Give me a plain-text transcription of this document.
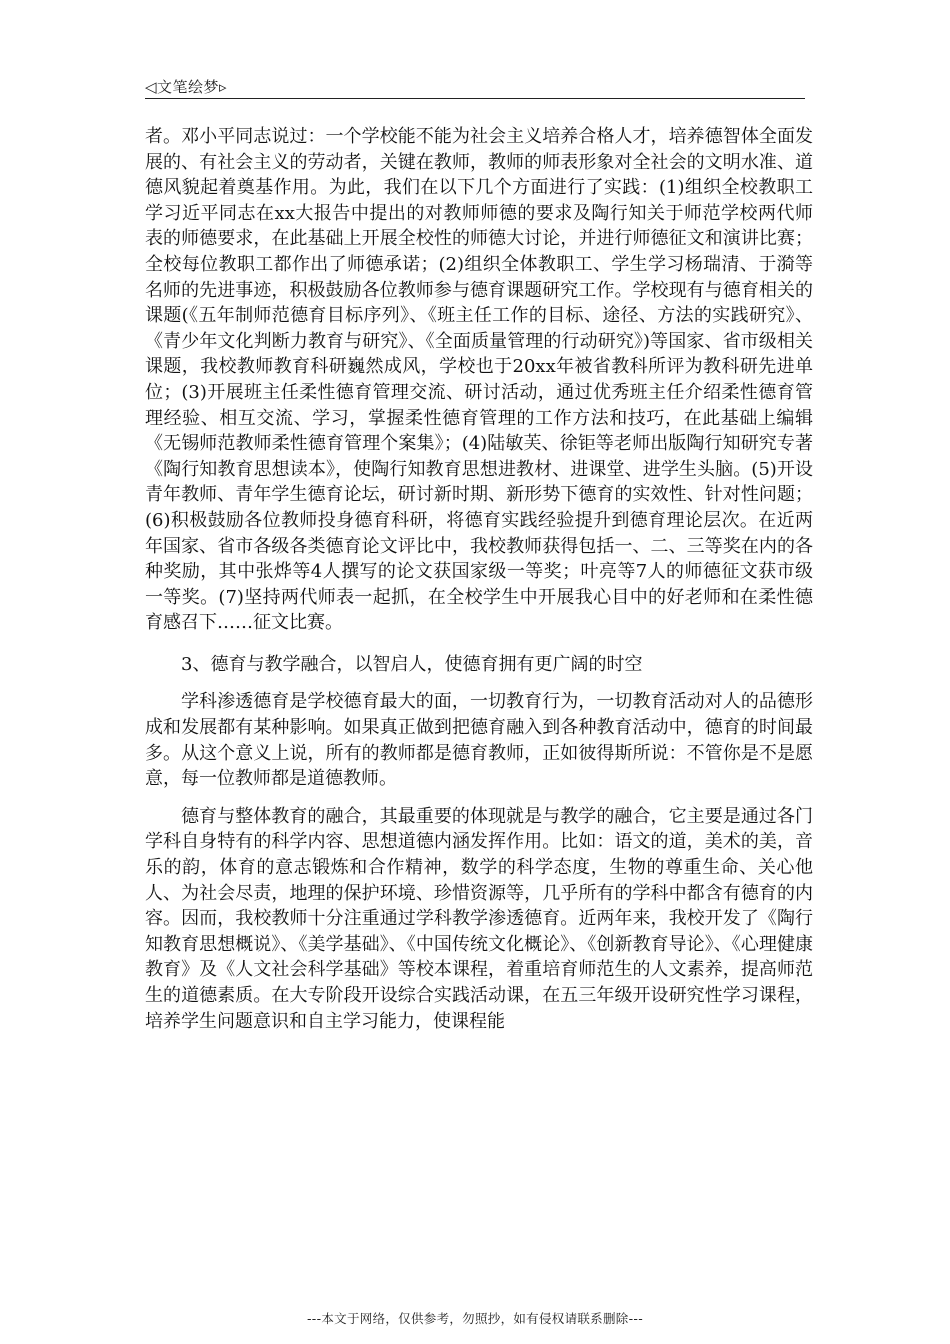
◁文笔绘梦▹

者。邓小平同志说过：一个学校能不能为社会主义培养合格人才，培养德智体全面发展的、有社会主义的劳动者，关键在教师，教师的师表形象对全社会的文明水准、道德风貌起着奠基作用。为此，我们在以下几个方面进行了实践：(1)组织全校教职工学习近平同志在xx大报告中提出的对教师师德的要求及陶行知关于师范学校两代师表的师德要求，在此基础上开展全校性的师德大讨论，并进行师德征文和演讲比赛；全校每位教职工都作出了师德承诺；(2)组织全体教职工、学生学习杨瑞清、于漪等名师的先进事迹，积极鼓励各位教师参与德育课题研究工作。学校现有与德育相关的课题(《五年制师范德育目标序列》、《班主任工作的目标、途径、方法的实践研究》、《青少年文化判断力教育与研究》、《全面质量管理的行动研究》)等国家、省市级相关课题，我校教师教育科研巍然成风，学校也于20xx年被省教科所评为教科研先进单位；(3)开展班主任柔性德育管理交流、研讨活动，通过优秀班主任介绍柔性德育管理经验、相互交流、学习，掌握柔性德育管理的工作方法和技巧，在此基础上编辑《无锡师范教师柔性德育管理个案集》；(4)陆敏芙、徐钜等老师出版陶行知研究专著《陶行知教育思想读本》，使陶行知教育思想进教材、进课堂、进学生头脑。(5)开设青年教师、青年学生德育论坛，研讨新时期、新形势下德育的实效性、针对性问题；(6)积极鼓励各位教师投身德育科研，将德育实践经验提升到德育理论层次。在近两年国家、省市各级各类德育论文评比中，我校教师获得包括一、二、三等奖在内的各种奖励，其中张烨等4人撰写的论文获国家级一等奖；叶亮等7人的师德征文获市级一等奖。(7)坚持两代师表一起抓，在全校学生中开展我心目中的好老师和在柔性德育感召下……征文比赛。

3、德育与教学融合，以智启人，使德育拥有更广阔的时空

学科渗透德育是学校德育最大的面，一切教育行为，一切教育活动对人的品德形成和发展都有某种影响。如果真正做到把德育融入到各种教育活动中，德育的时间最多。从这个意义上说，所有的教师都是德育教师，正如彼得斯所说：不管你是不是愿意，每一位教师都是道德教师。

德育与整体教育的融合，其最重要的体现就是与教学的融合，它主要是通过各门学科自身特有的科学内容、思想道德内涵发挥作用。比如：语文的道，美术的美，音乐的韵，体育的意志锻炼和合作精神，数学的科学态度，生物的尊重生命、关心他人、为社会尽责，地理的保护环境、珍惜资源等，几乎所有的学科中都含有德育的内容。因而，我校教师十分注重通过学科教学渗透德育。近两年来，我校开发了《陶行知教育思想概说》、《美学基础》、《中国传统文化概论》、《创新教育导论》、《心理健康教育》及《人文社会科学基础》等校本课程，着重培育师范生的人文素养，提高师范生的道德素质。在大专阶段开设综合实践活动课，在五三年级开设研究性学习课程，培养学生问题意识和自主学习能力，使课程能

---本文于网络，仅供参考，勿照抄，如有侵权请联系删除---
